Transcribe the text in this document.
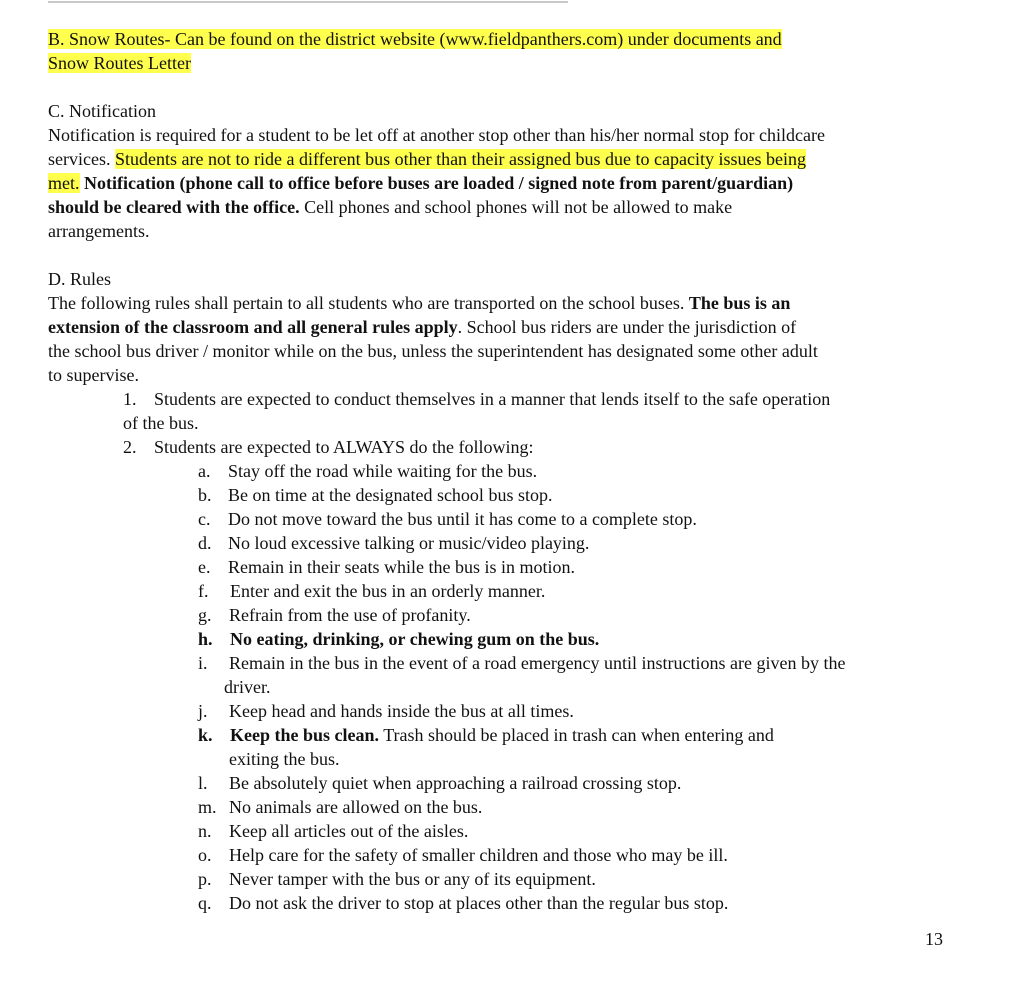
B. Snow Routes- Can be found on the district website (www.fieldpanthers.com) under documents and
Snow Routes Letter
C. Notification
Notification is required for a student to be let off at another stop other than his/her normal stop for childcare
services. Students are not to ride a different bus other than their assigned bus due to capacity issues being
met. Notification (phone call to office before buses are loaded / signed note from parent/guardian)
should be cleared with the office. Cell phones and school phones will not be allowed to make
arrangements.
D. Rules
The following rules shall pertain to all students who are transported on the school buses. The bus is an
extension of the classroom and all general rules apply. School bus riders are under the jurisdiction of
the school bus driver / monitor while on the bus, unless the superintendent has designated some other adult
to supervise.
1. Students are expected to conduct themselves in a manner that lends itself to the safe operation
of the bus.
2. Students are expected to ALWAYS do the following:
a. Stay off the road while waiting for the bus.
b. Be on time at the designated school bus stop.
c. Do not move toward the bus until it has come to a complete stop.
d. No loud excessive talking or music/video playing.
e. Remain in their seats while the bus is in motion.
f. Enter and exit the bus in an orderly manner.
g. Refrain from the use of profanity.
h. No eating, drinking, or chewing gum on the bus.
i. Remain in the bus in the event of a road emergency until instructions are given by the
driver.
j. Keep head and hands inside the bus at all times.
k. Keep the bus clean. Trash should be placed in trash can when entering and
exiting the bus.
l. Be absolutely quiet when approaching a railroad crossing stop.
m. No animals are allowed on the bus.
n. Keep all articles out of the aisles.
o. Help care for the safety of smaller children and those who may be ill.
p. Never tamper with the bus or any of its equipment.
q. Do not ask the driver to stop at places other than the regular bus stop.
13
